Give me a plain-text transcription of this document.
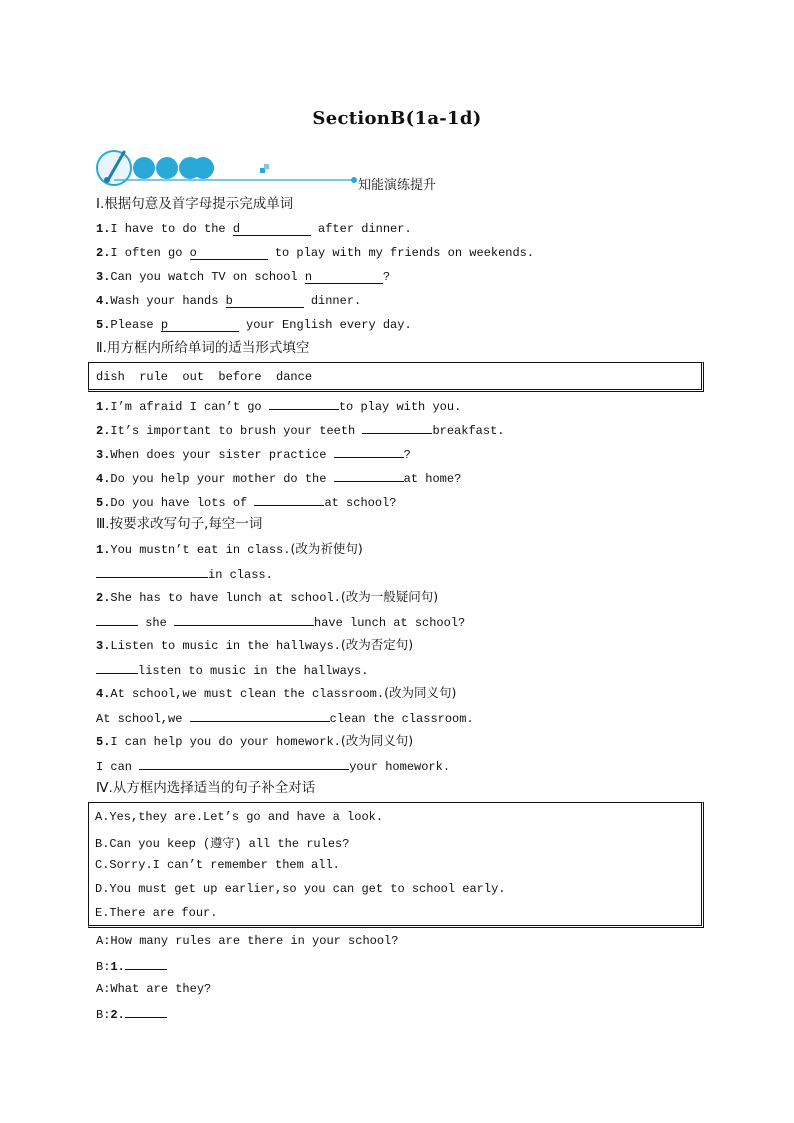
SectionB(1a-1d)
知能演练提升
Ⅰ.根据句意及首字母提示完成单词
1.I have to do the d	after dinner.
2.I often go o	to play with my friends on weekends.
3.Can you watch TV on school n	?
4.Wash your hands b	dinner.
5.Please p	your English every day.
Ⅱ.用方框内所给单词的适当形式填空
dish  rule  out  before  dance
1.I’m afraid I can’t go	to play with you.
2.It’s important to brush your teeth	breakfast.
3.When does your sister practice	?
4.Do you help your mother do the	at home?
5.Do you have lots of	at school?
Ⅲ.按要求改写句子,每空一词
1.You mustn’t eat in class.(改为祈使句)
in class.
2.She has to have lunch at school.(改为一般疑问句)
she	have lunch at school?
3.Listen to music in the hallways.(改为否定句)
listen to music in the hallways.
4.At school,we must clean the classroom.(改为同义句)
At school,we	clean the classroom.
5.I can help you do your homework.(改为同义句)
I can	your homework.
Ⅳ.从方框内选择适当的句子补全对话
A.Yes,they are.Let’s go and have a look.
B.Can you keep (遵守) all the rules?
C.Sorry.I can’t remember them all.
D.You must get up earlier,so you can get to school early.
E.There are four.
A:How many rules are there in your school?
B:1.
A:What are they?
B:2.
